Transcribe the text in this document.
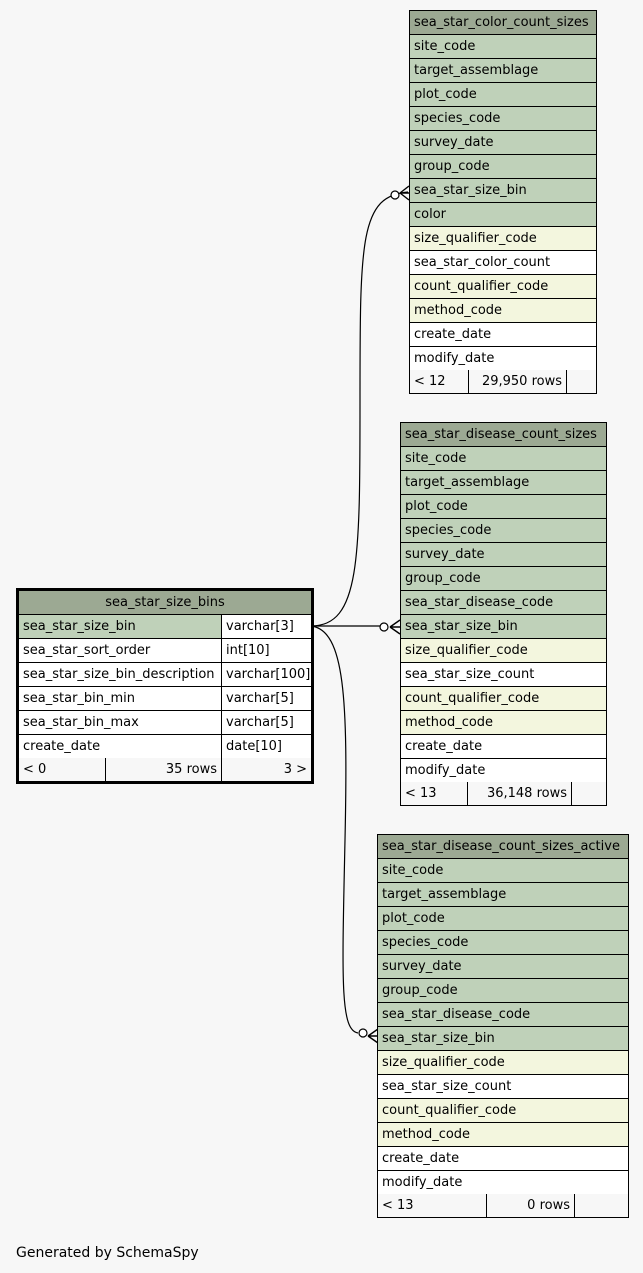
sea_star_color_count_sizes
site_code
target_assemblage
plot_code
species_code
survey_date
group_code
sea_star_size_bin
color
size_qualifier_code
sea_star_color_count
count_qualifier_code
method_code
create_date
modify_date
< 12	29,950 rows
sea_star_disease_count_sizes
site_code
target_assemblage
plot_code
species_code
survey_date
group_code
sea_star_disease_code
sea_star_size_bin
size_qualifier_code
sea_star_size_count
count_qualifier_code
method_code
create_date
modify_date
< 13	36,148 rows
sea_star_disease_count_sizes_active
site_code
target_assemblage
plot_code
species_code
survey_date
group_code
sea_star_disease_code
sea_star_size_bin
size_qualifier_code
sea_star_size_count
count_qualifier_code
method_code
create_date
modify_date
< 13	0 rows
sea_star_size_bins
sea_star_size_bin	varchar[3]
sea_star_sort_order	int[10]
sea_star_size_bin_description varchar[100]
sea_star_bin_min	varchar[5]
sea_star_bin_max	varchar[5]
create_date	date[10]
< 0	35 rows	3 >
Generated by SchemaSpy
